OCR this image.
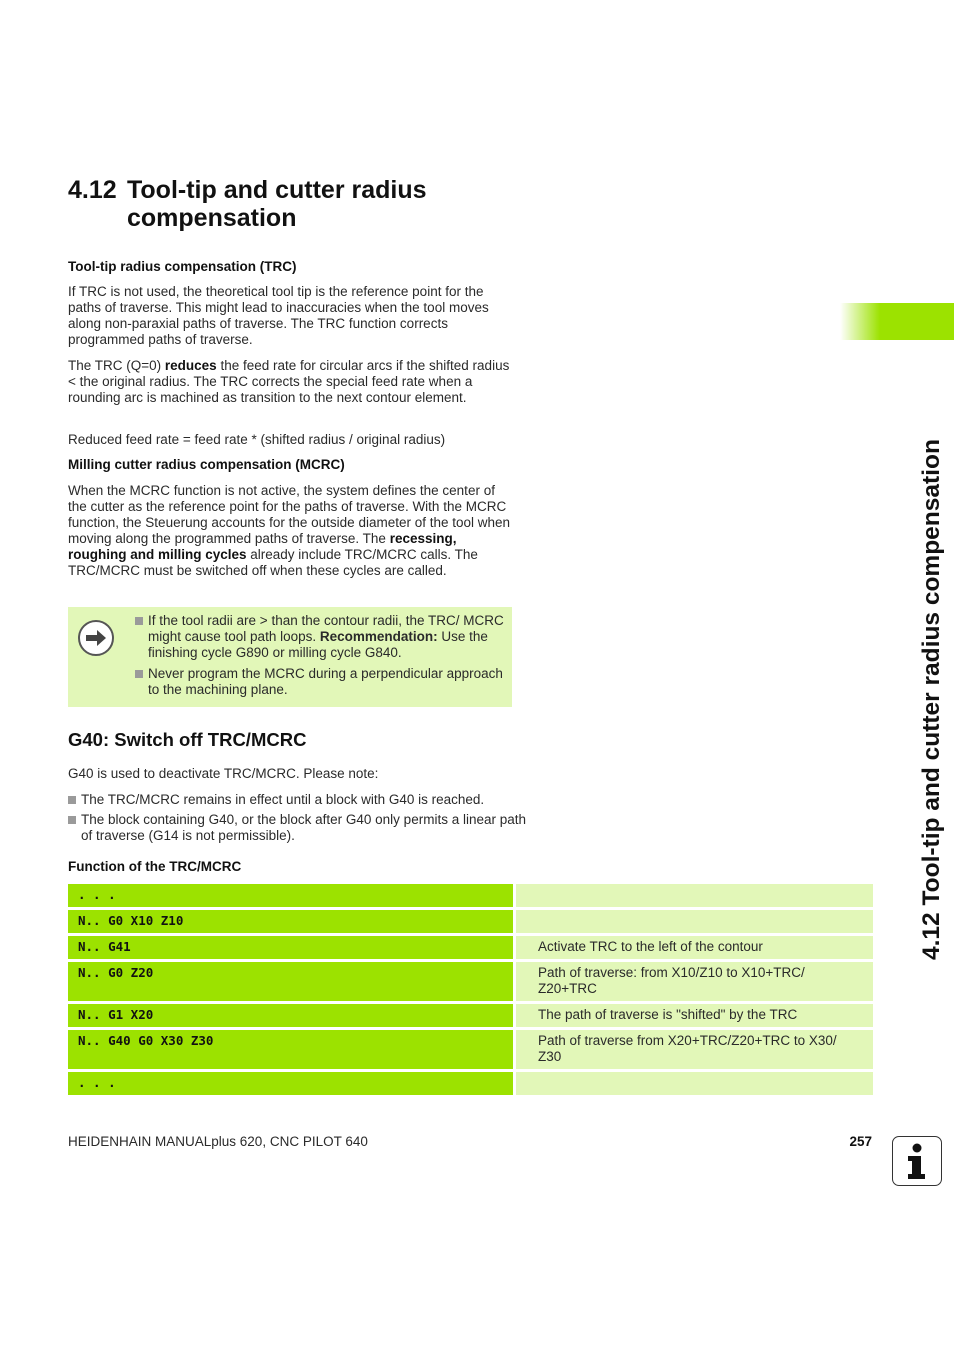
4.12 Tool-tip and cutter radius
compensation
Tool-tip radius compensation (TRC)
If TRC is not used, the theoretical tool tip is the reference point for the paths of traverse. This might lead to inaccuracies when the tool moves along non-paraxial paths of traverse. The TRC function corrects programmed paths of traverse.
The TRC (Q=0) reduces the feed rate for circular arcs if the shifted radius < the original radius. The TRC corrects the special feed rate when a rounding arc is machined as transition to the next contour element.
Reduced feed rate = feed rate * (shifted radius / original radius)
Milling cutter radius compensation (MCRC)
When the MCRC function is not active, the system defines the center of the cutter as the reference point for the paths of traverse. With the MCRC function, the Steuerung accounts for the outside diameter of the tool when moving along the programmed paths of traverse. The recessing, roughing and milling cycles already include TRC/MCRC calls. The TRC/MCRC must be switched off when these cycles are called.
If the tool radii are > than the contour radii, the TRC/ MCRC might cause tool path loops. Recommendation: Use the finishing cycle G890 or milling cycle G840.
Never program the MCRC during a perpendicular approach to the machining plane.
G40: Switch off TRC/MCRC
G40 is used to deactivate TRC/MCRC. Please note:
The TRC/MCRC remains in effect until a block with G40 is reached.
The block containing G40, or the block after G40 only permits a linear path of traverse (G14 is not permissible).
Function of the TRC/MCRC
. . .
N.. G0 X10 Z10
N.. G41	Activate TRC to the left of the contour
N.. G0 Z20	Path of traverse: from X10/Z10 to X10+TRC/ Z20+TRC
N.. G1 X20	The path of traverse is "shifted" by the TRC
N.. G40 G0 X30 Z30	Path of traverse from X20+TRC/Z20+TRC to X30/ Z30
. . .
4.12 Tool-tip and cutter radius compensation
HEIDENHAIN MANUALplus 620, CNC PILOT 640	257
